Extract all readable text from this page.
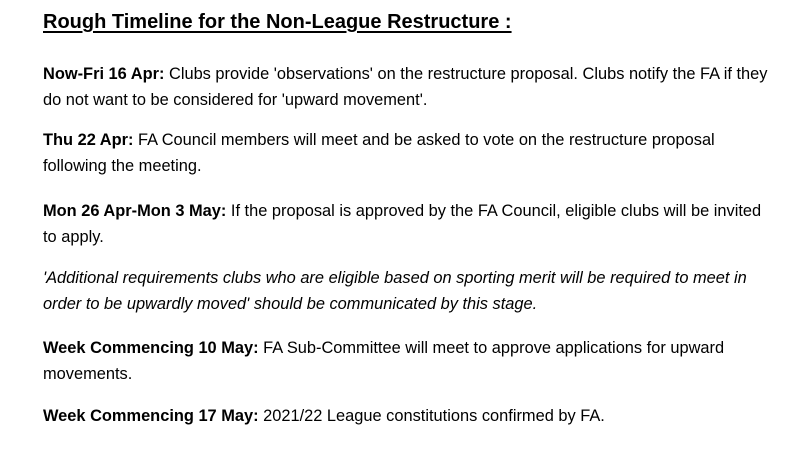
Rough Timeline for the Non-League Restructure :

Now-Fri 16 Apr: Clubs provide 'observations' on the restructure proposal. Clubs notify the FA if they do not want to be considered for 'upward movement'.

Thu 22 Apr: FA Council members will meet and be asked to vote on the restructure proposal following the meeting.

Mon 26 Apr-Mon 3 May: If the proposal is approved by the FA Council, eligible clubs will be invited to apply.

'Additional requirements clubs who are eligible based on sporting merit will be required to meet in order to be upwardly moved' should be communicated by this stage.

Week Commencing 10 May: FA Sub-Committee will meet to approve applications for upward movements.

Week Commencing 17 May: 2021/22 League constitutions confirmed by FA.
